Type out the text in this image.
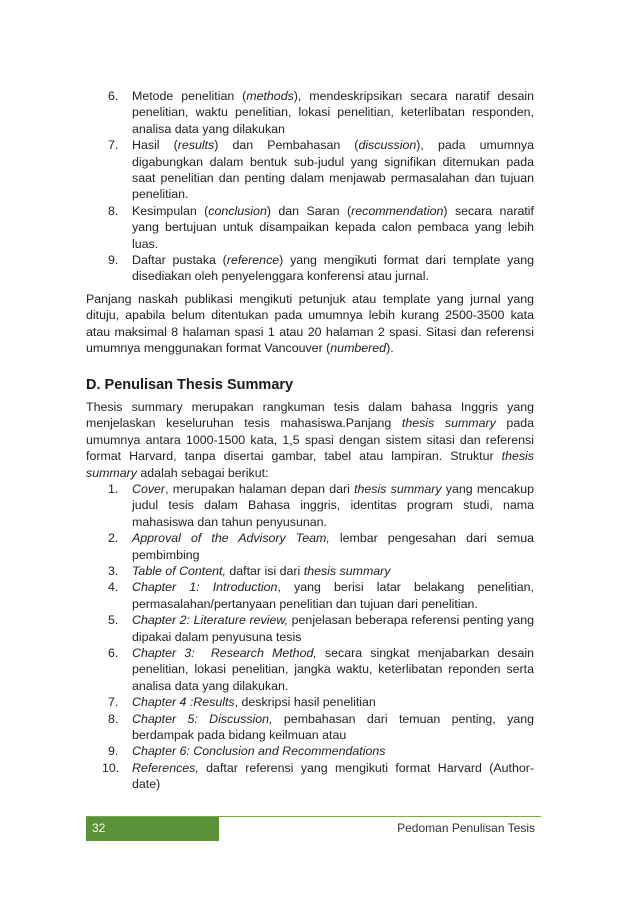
6. Metode penelitian (methods), mendeskripsikan secara naratif desain penelitian, waktu penelitian, lokasi penelitian, keterlibatan responden, analisa data yang dilakukan
7. Hasil (results) dan Pembahasan (discussion), pada umumnya digabungkan dalam bentuk sub-judul yang signifikan ditemukan pada saat penelitian dan penting dalam menjawab permasalahan dan tujuan penelitian.
8. Kesimpulan (conclusion) dan Saran (recommendation) secara naratif yang bertujuan untuk disampaikan kepada calon pembaca yang lebih luas.
9. Daftar pustaka (reference) yang mengikuti format dari template yang disediakan oleh penyelenggara konferensi atau jurnal.

Panjang naskah publikasi mengikuti petunjuk atau template yang jurnal yang dituju, apabila belum ditentukan pada umumnya lebih kurang 2500-3500 kata atau maksimal 8 halaman spasi 1 atau 20 halaman 2 spasi. Sitasi dan referensi umumnya menggunakan format Vancouver (numbered).

D. Penulisan Thesis Summary

Thesis summary merupakan rangkuman tesis dalam bahasa Inggris yang menjelaskan keseluruhan tesis mahasiswa.Panjang thesis summary pada umumnya antara 1000-1500 kata, 1,5 spasi dengan sistem sitasi dan referensi format Harvard, tanpa disertai gambar, tabel atau lampiran. Struktur thesis summary adalah sebagai berikut:

1. Cover, merupakan halaman depan dari thesis summary yang mencakup judul tesis dalam Bahasa inggris, identitas program studi, nama mahasiswa dan tahun penyusunan.
2. Approval of the Advisory Team, lembar pengesahan dari semua pembimbing
3. Table of Content, daftar isi dari thesis summary
4. Chapter 1: Introduction, yang berisi latar belakang penelitian, permasalahan/pertanyaan penelitian dan tujuan dari penelitian.
5. Chapter 2: Literature review, penjelasan beberapa referensi penting yang dipakai dalam penyusuna tesis
6. Chapter 3:  Research Method, secara singkat menjabarkan desain penelitian, lokasi penelitian, jangka waktu, keterlibatan reponden serta analisa data yang dilakukan.
7. Chapter 4 :Results, deskripsi hasil penelitian
8. Chapter 5: Discussion, pembahasan dari temuan penting, yang berdampak pada bidang keilmuan atau
9. Chapter 6: Conclusion and Recommendations
10. References, daftar referensi yang mengikuti format Harvard (Author-date)
32	Pedoman Penulisan Tesis
